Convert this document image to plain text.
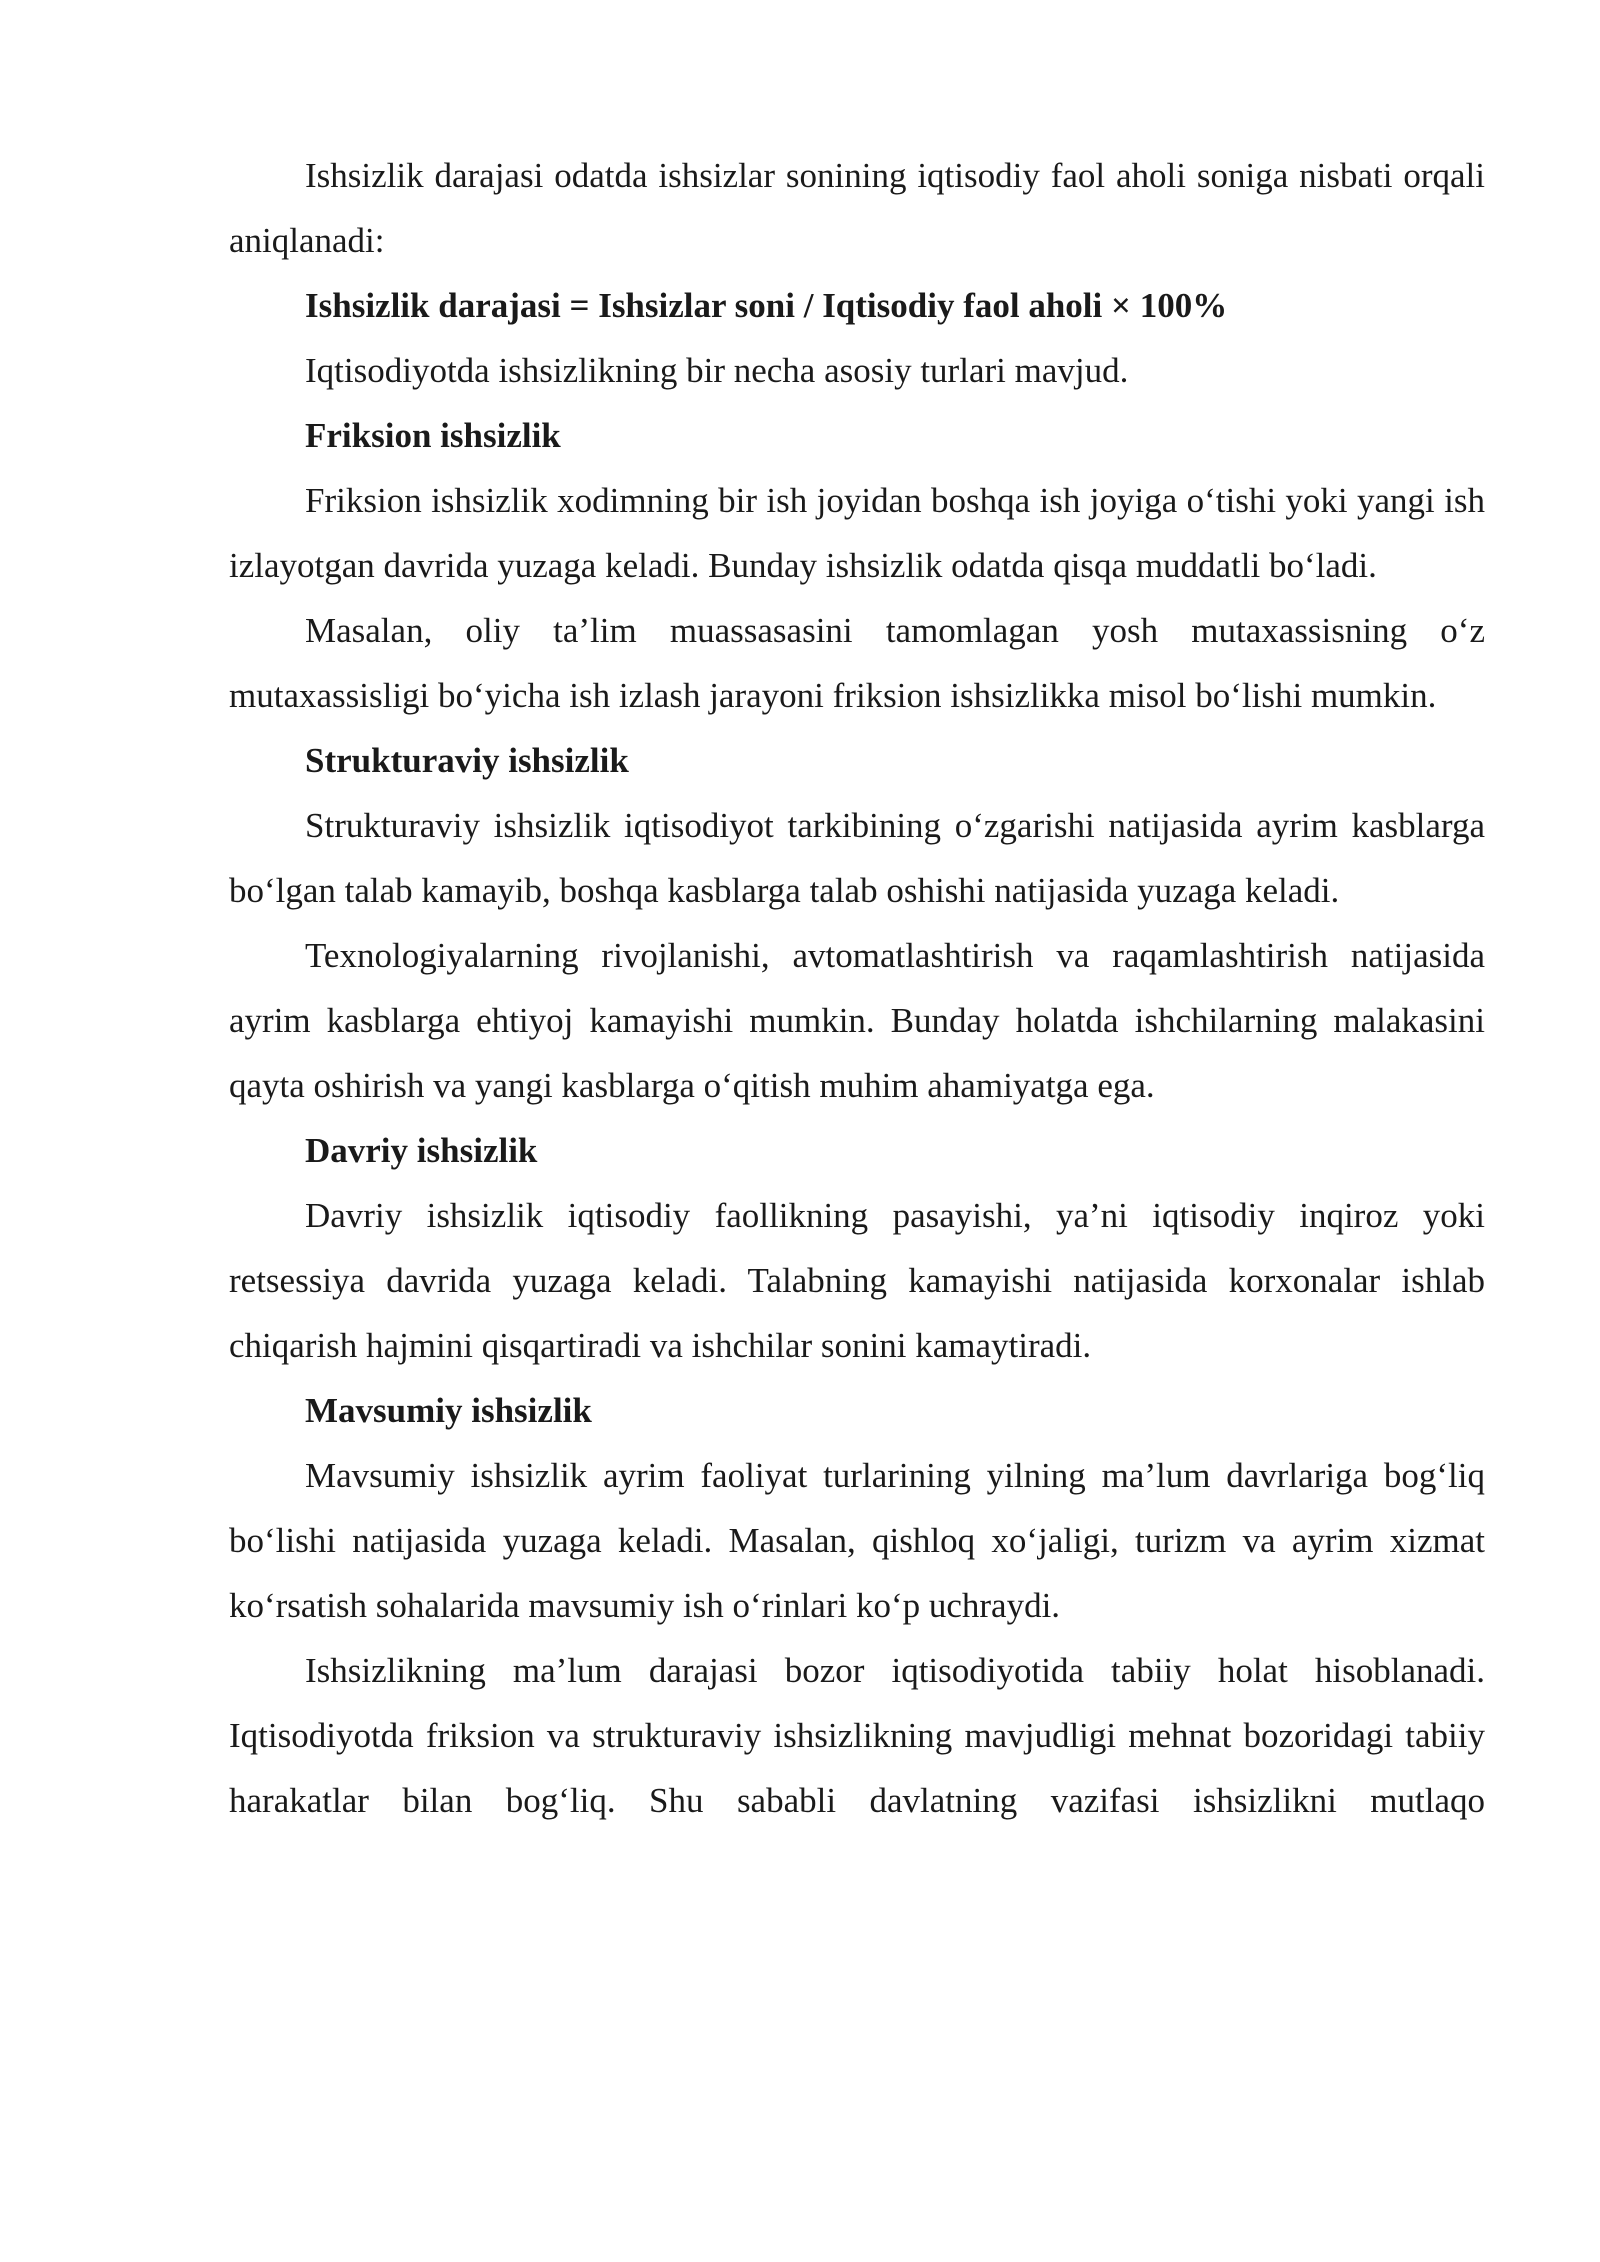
Ishsizlik darajasi odatda ishsizlar sonining iqtisodiy faol aholi soniga nisbati orqali aniqlanadi:

Ishsizlik darajasi = Ishsizlar soni / Iqtisodiy faol aholi × 100%

Iqtisodiyotda ishsizlikning bir necha asosiy turlari mavjud.

Friksion ishsizlik

Friksion ishsizlik xodimning bir ish joyidan boshqa ish joyiga o‘tishi yoki yangi ish izlayotgan davrida yuzaga keladi. Bunday ishsizlik odatda qisqa muddatli bo‘ladi.

Masalan, oliy ta’lim muassasasini tamomlagan yosh mutaxassisning o‘z mutaxassisligi bo‘yicha ish izlash jarayoni friksion ishsizlikka misol bo‘lishi mumkin.

Strukturaviy ishsizlik

Strukturaviy ishsizlik iqtisodiyot tarkibining o‘zgarishi natijasida ayrim kasblarga bo‘lgan talab kamayib, boshqa kasblarga talab oshishi natijasida yuzaga keladi.

Texnologiyalarning rivojlanishi, avtomatlashtirish va raqamlashtirish natijasida ayrim kasblarga ehtiyoj kamayishi mumkin. Bunday holatda ishchilarning malakasini qayta oshirish va yangi kasblarga o‘qitish muhim ahamiyatga ega.

Davriy ishsizlik

Davriy ishsizlik iqtisodiy faollikning pasayishi, ya’ni iqtisodiy inqiroz yoki retsessiya davrida yuzaga keladi. Talabning kamayishi natijasida korxonalar ishlab chiqarish hajmini qisqartiradi va ishchilar sonini kamaytiradi.

Mavsumiy ishsizlik

Mavsumiy ishsizlik ayrim faoliyat turlarining yilning ma’lum davrlariga bog‘liq bo‘lishi natijasida yuzaga keladi. Masalan, qishloq xo‘jaligi, turizm va ayrim xizmat ko‘rsatish sohalarida mavsumiy ish o‘rinlari ko‘p uchraydi.

Ishsizlikning ma’lum darajasi bozor iqtisodiyotida tabiiy holat hisoblanadi. Iqtisodiyotda friksion va strukturaviy ishsizlikning mavjudligi mehnat bozoridagi tabiiy harakatlar bilan bog‘liq. Shu sababli davlatning vazifasi ishsizlikni mutlaqo
